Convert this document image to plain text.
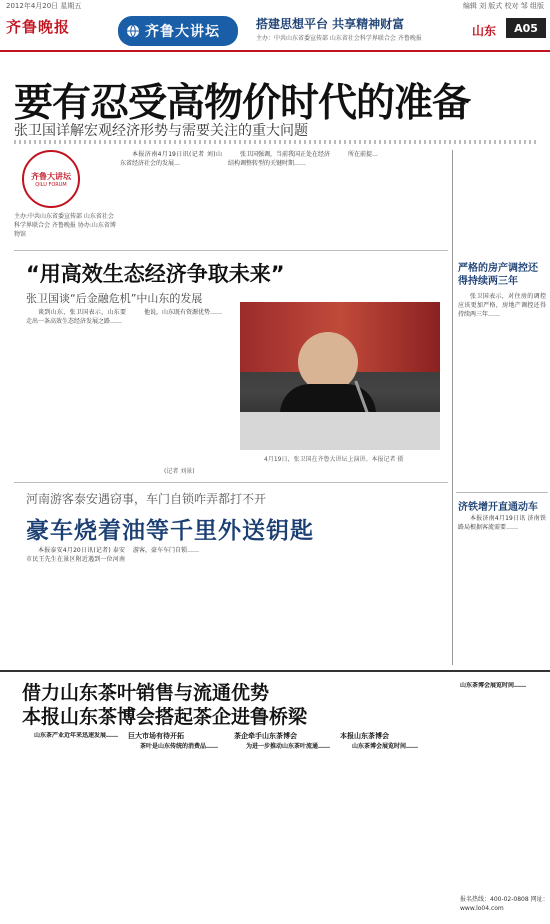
2012年4月20日 星期五	编辑 刘 版式 校对 邹 组版
齐鲁晚报	齐鲁大讲坛	搭建思想平台 共享精神财富
主办：中共山东省委宣传部 山东省社会科学界联合会 齐鲁晚报
山东	A05
要有忍受高物价时代的准备
张卫国详解宏观经济形势与需要关注的重大问题
齐鲁大讲坛
QILU FORUM
主办:中共山东省委宣传部 山东省社会科学界联合会 齐鲁晚报 协办:山东省博物馆

本报济南4月19日讯(记者 刘)山东省经济社会的发展…

张卫国强调，当前我国正处在经济结构调整转型的关键时期……

所在前提…

严格的房产调控还得持续两三年

张卫国表示，对住房的调控应该更加严格，房地产调控还得持续两三年……

济铁增开直通动车

本报济南4月19日讯 济南铁路局根据客流需要……

“用高效生态经济争取未来”
张卫国谈“后金融危机”中山东的发展

谈到山东，张卫国表示，山东要走出一条高效生态经济发展之路……

他说，山东既有资源优势……

(记者 刘景)
4月19日，张卫国在齐鲁大讲坛上演讲。本报记者 摄
河南游客泰安遇窃事，车门自锁咋弄都打不开
豪车烧着油等千里外送钥匙

本报泰安4月20日讯(记者) 泰安市民王先生在景区附近遇到一位河南游客，豪车车门自锁……

借力山东茶叶销售与流通优势
本报山东茶博会搭起茶企进鲁桥梁

山东茶产业近年来迅速发展……	巨大市场有待开拓

茶叶是山东传统的消费品……

茶企牵手山东茶博会

为进一步推动山东茶叶流通……

本报山东茶博会

山东茶博会展览时间……

山东茶博会展览时间……

报名热线：400-02-0808 网址：www.lo04.com
